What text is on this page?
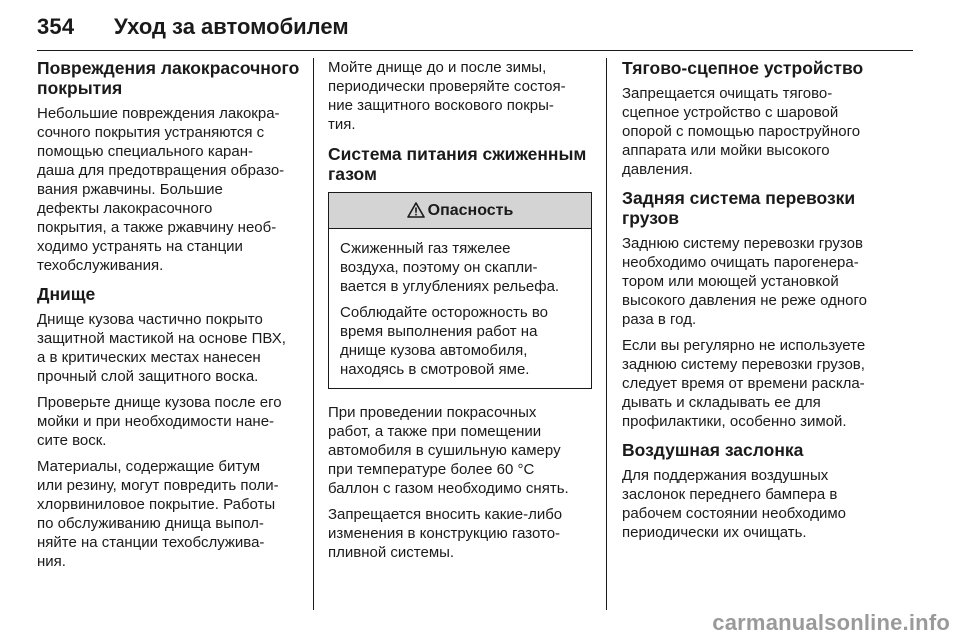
354 Уход за автомобилем
Повреждения лакокрасочного
покрытия

Небольшие повреждения лакокра-
сочного покрытия устраняются с
помощью специального каран-
даша для предотвращения образо-
вания ржавчины. Большие
дефекты лакокрасочного
покрытия, а также ржавчину необ-
ходимо устранять на станции
техобслуживания.

Днище

Днище кузова частично покрыто
защитной мастикой на основе ПВХ,
а в критических местах нанесен
прочный слой защитного воска.

Проверьте днище кузова после его
мойки и при необходимости нане-
сите воск.

Материалы, содержащие битум
или резину, могут повредить поли-
хлорвиниловое покрытие. Работы
по обслуживанию днища выпол-
няйте на станции техобслужива-
ния.

Мойте днище до и после зимы,
периодически проверяйте состоя-
ние защитного воскового покры-
тия.

Система питания сжиженным
газом
Опасность

Сжиженный газ тяжелее
воздуха, поэтому он скапли-
вается в углублениях рельефа.

Соблюдайте осторожность во
время выполнения работ на
днище кузова автомобиля,
находясь в смотровой яме.

При проведении покрасочных
работ, а также при помещении
автомобиля в сушильную камеру
при температуре более 60 °C
баллон с газом необходимо снять.

Запрещается вносить какие-либо
изменения в конструкцию газото-
пливной системы.

Тягово-сцепное устройство

Запрещается очищать тягово-
сцепное устройство с шаровой
опорой с помощью пароструйного
аппарата или мойки высокого
давления.

Задняя система перевозки
грузов

Заднюю систему перевозки грузов
необходимо очищать парогенера-
тором или моющей установкой
высокого давления не реже одного
раза в год.

Если вы регулярно не используете
заднюю систему перевозки грузов,
следует время от времени раскла-
дывать и складывать ее для
профилактики, особенно зимой.

Воздушная заслонка

Для поддержания воздушных
заслонок переднего бампера в
рабочем состоянии необходимо
периодически их очищать.

carmanualsonline.info
